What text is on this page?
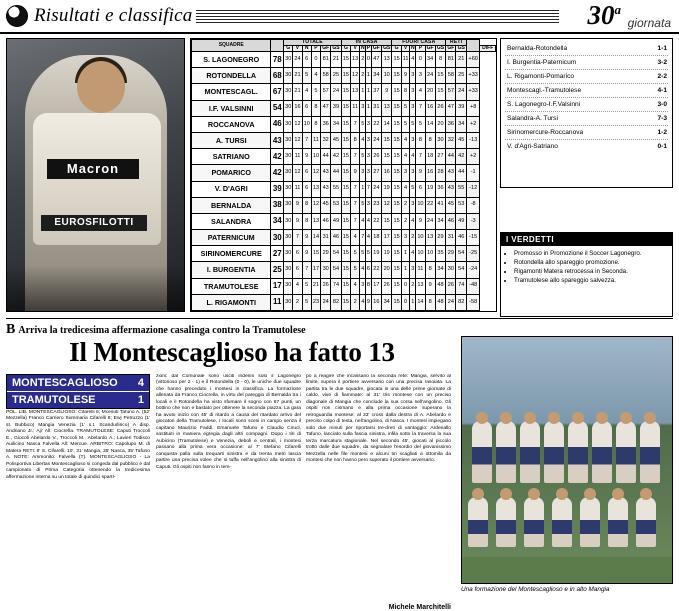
Risultati e classifica	30$^a$
giornata
Macron
EUROSFILOTTI
SQUADRE		TOTALE						IN CASA						FUORI CASA						RETI			
		G	V	N	P	GF	GS	G	V	N	P	GF	GS	G	V	N	P	GF	GS	GF	GS		DIFF
S. LAGONEGRO	78	30	24	6	0	81	21	15	13	2	0	47	13	15	11	4	0	34	8	81	21	+60	
ROTONDELLA	68	30	21	5	4	58	25	15	12	2	1	34	10	15	9	3	3	24	15	58	25	+33	
MONTESCAGL.	67	30	21	4	5	57	24	15	13	1	1	37	9	15	8	3	4	20	15	57	24	+33	
I.F. VALSINNI	54	30	16	6	8	47	39	15	11	3	1	31	13	15	5	3	7	16	26	47	39	+8	
ROCCANOVA	46	30	12	10	8	36	34	15	7	5	3	22	14	15	5	5	5	14	20	36	34	+2	
A. TURSI	43	30	12	7	11	32	45	15	8	4	3	24	15	15	4	3	8	8	30	32	45	-13	
SATRIANO	42	30	11	9	10	44	42	15	7	5	3	26	15	15	4	4	7	18	27	44	42	+2	
POMARICO	42	30	12	6	12	43	44	15	9	3	3	27	16	15	3	3	9	16	28	43	44	-1	
V. D'AGRI	39	30	11	6	13	43	55	15	7	1	7	24	19	15	4	5	6	19	36	43	55	-12	
BERNALDA	38	30	9	8	12	45	53	15	7	5	3	23	12	15	2	3	10	22	41	45	53	-8	
SALANDRA	34	30	9	8	13	46	49	15	7	4	4	22	15	15	2	4	9	24	34	46	49	-3	
PATERNICUM	30	30	7	9	14	31	46	15	4	7	4	18	17	15	3	2	10	13	29	31	46	-15	
SIRINOMERCURE	27	30	6	9	15	29	54	15	5	5	5	19	19	15	1	4	10	10	35	29	54	-25	
I. BURGENTIA	25	30	6	7	17	30	54	15	5	4	6	22	20	15	1	3	11	8	34	30	54	-24	
TRAMUTOLESE	17	30	4	5	21	26	74	15	4	3	8	17	26	15	0	2	13	9	48	26	74	-48	
L. RIGAMONTI	11	30	2	5	23	24	82	15	2	4	9	16	34	15	0	1	14	8	48	24	82	-58	
Bernalda-Rotondella	1-1
I. Burgentia-Paternicum	3-2
L. Rigamonti-Pomarico	2-2
Montescagl.-Tramutolese	4-1
S. Lagonegro-I.F.Valsinni	3-0
Salandra-A. Tursi	7-3
Sirinomercure-Roccanova	1-2
V. d'Agri-Satriano	0-1
I VERDETTI
• Promosso in Promozione il Soccer Lagonegro.
• Rotondella allo spareggio promozione.
• Rigamonti Matera retrocessa in Seconda.
• Tramutolese allo spareggio salvezza.
B Arriva la tredicesima affermazione casalinga contro la Tramutolese
Il Montescaglioso ha fatto 13
MONTESCAGLIOSO 4
TRAMUTOLESE	1
POL. LIB. MONTESCAGLIOSO: Cifarelli 6; Mcesuti Tafuno A. (52' Mezzella) Franco Carriero Summaria Cifarelli 8; Ewj Petruzzo (1' st. Bubbico) Mangia Venezia (1' s.t. Scandurlirico) A disp. Andriano Jr.; Aji' All: Ciocrella. TRAMUTOLESE: Caputi Troccoli E., Giocoli Abelardo V., Troccoli M., Abelardo A.; Lavieri Todisco Auilicino Nasca Falvella All: Mercue. ARBITRO: Capolupo M. di Matera RETI: 8' S. Cifarelli, 10', 31' Mangia, 35' Nasca, 35' Tafuno A. NOTE: Ammonito: Falvella (T). MONTESCAGLIOSO - La Polisportiva Libertas Montescaglioso si congeda dal pubblico e dal campionato di Prima Categoria ottenendo la tredicesima affermazione interna su un totale di quindici spartI-
zioni: dal Comunale sono usciti indenni solo il Lagonegro (vittorioso per 2 - 1) e il Rotondella (0 - 0), le uniche due squadre che hanno preceduto i montesi in classifica. La formazione allenata da Franco Ciocrella, in virtu del pareggio di Bernalda tra i locali e il Rotondella ha visto sfumare il sogno con 67 punti, un bottino che non e bastato per ottenere la seconda piazza. La gara ha avuto inizio con 45' di ritardo a causa del ritardato arrivo del giocatori della Tramutolese, I locali sono scesi in campo senza il capitano Maurizio Faddi. Emanuele Tafuno e Claudio Cirucl, sostituiti in maniera egregia dagli altri compagni. Dopo i tiri di Aubicino (Tramutolese) e Venezia, deboli e centrali, i montesi passano alla prima vera occasione: al 7' Stefano Cifarelli conquista palla sulla trequarti sinistra e da trenta metri lascia partire una precisa volee che si tuffa nell'angolino alla sinistra di Caputi. Gli ospiti non fanno in tem-
po a reagire che incassano la seconda rete: Mangia, servito al limite, supera il portiere avversario con una precisa rasoiata. La partita tra le due squadre, giocata in una delle prime giornate di caldo, vive di fiammate: al 31' tris montese con un preciso diagonale di Mangia che conclude la sua corsa nell'angolino. Gli ospiti non cismano e alla prima occasione superano la retroguardia montese: al 33' cross dalla destra di A. Abelardo e preciso colpo di testa, nell'angolino, di Nasca. I montesi impiegano solo due minuti per riportarsi tre-dreti di vantaggio: Ardenallo Tafuno, lanciato sulla fascia sinistra, infila sotto la traversa la sua terza marcatura stagionale. Nel secondo 45', giocati al piccolo trotto dalle due squadre, da segnalare l'esordio del giovanissimo Mezzella nelle file montesi e alcuni tiri scagliati a ottomila da montesi che non hanno pero superato il portiere avversario.
Michele Marchitelli
Una formazione del Montescaglioso e in alto Mangia
